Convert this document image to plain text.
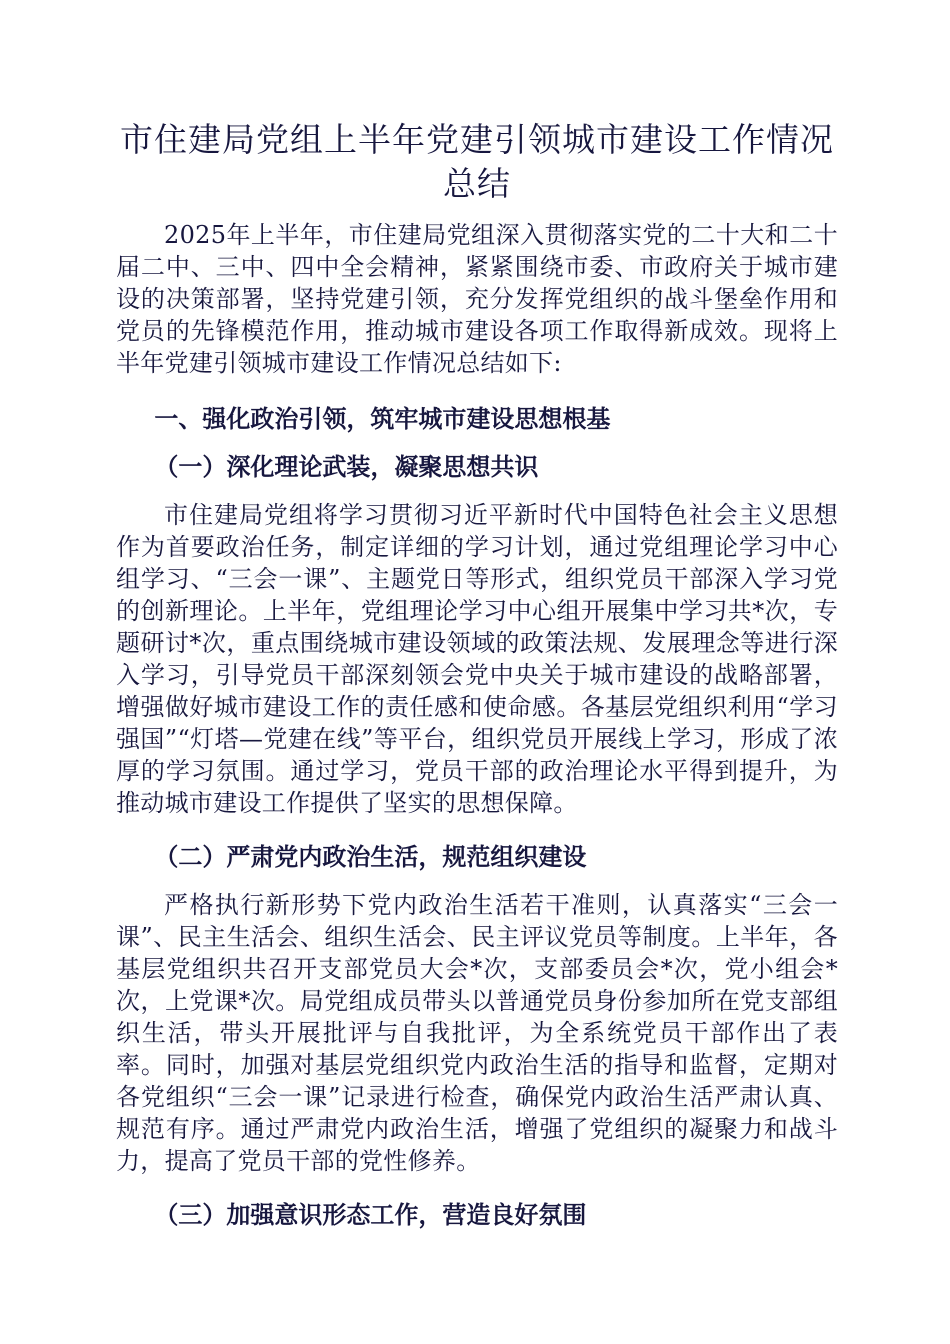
市住建局党组上半年党建引领城市建设工作情况总结

2025年上半年，市住建局党组深入贯彻落实党的二十大和二十届二中、三中、四中全会精神，紧紧围绕市委、市政府关于城市建设的决策部署，坚持党建引领，充分发挥党组织的战斗堡垒作用和党员的先锋模范作用，推动城市建设各项工作取得新成效。现将上半年党建引领城市建设工作情况总结如下:

一、强化政治引领，筑牢城市建设思想根基
（一）深化理论武装，凝聚思想共识

市住建局党组将学习贯彻习近平新时代中国特色社会主义思想作为首要政治任务，制定详细的学习计划，通过党组理论学习中心组学习、“三会一课”、主题党日等形式，组织党员干部深入学习党的创新理论。上半年，党组理论学习中心组开展集中学习共*次，专题研讨*次，重点围绕城市建设领域的政策法规、发展理念等进行深入学习，引导党员干部深刻领会党中央关于城市建设的战略部署，增强做好城市建设工作的责任感和使命感。各基层党组织利用“学习强国”“灯塔—党建在线”等平台，组织党员开展线上学习，形成了浓厚的学习氛围。通过学习，党员干部的政治理论水平得到提升，为推动城市建设工作提供了坚实的思想保障。

（二）严肃党内政治生活，规范组织建设

严格执行新形势下党内政治生活若干准则，认真落实“三会一课”、民主生活会、组织生活会、民主评议党员等制度。上半年，各基层党组织共召开支部党员大会*次，支部委员会*次，党小组会*次，上党课*次。局党组成员带头以普通党员身份参加所在党支部组织生活，带头开展批评与自我批评，为全系统党员干部作出了表率。同时，加强对基层党组织党内政治生活的指导和监督，定期对各党组织“三会一课”记录进行检查，确保党内政治生活严肃认真、规范有序。通过严肃党内政治生活，增强了党组织的凝聚力和战斗力，提高了党员干部的党性修养。

（三）加强意识形态工作，营造良好氛围
